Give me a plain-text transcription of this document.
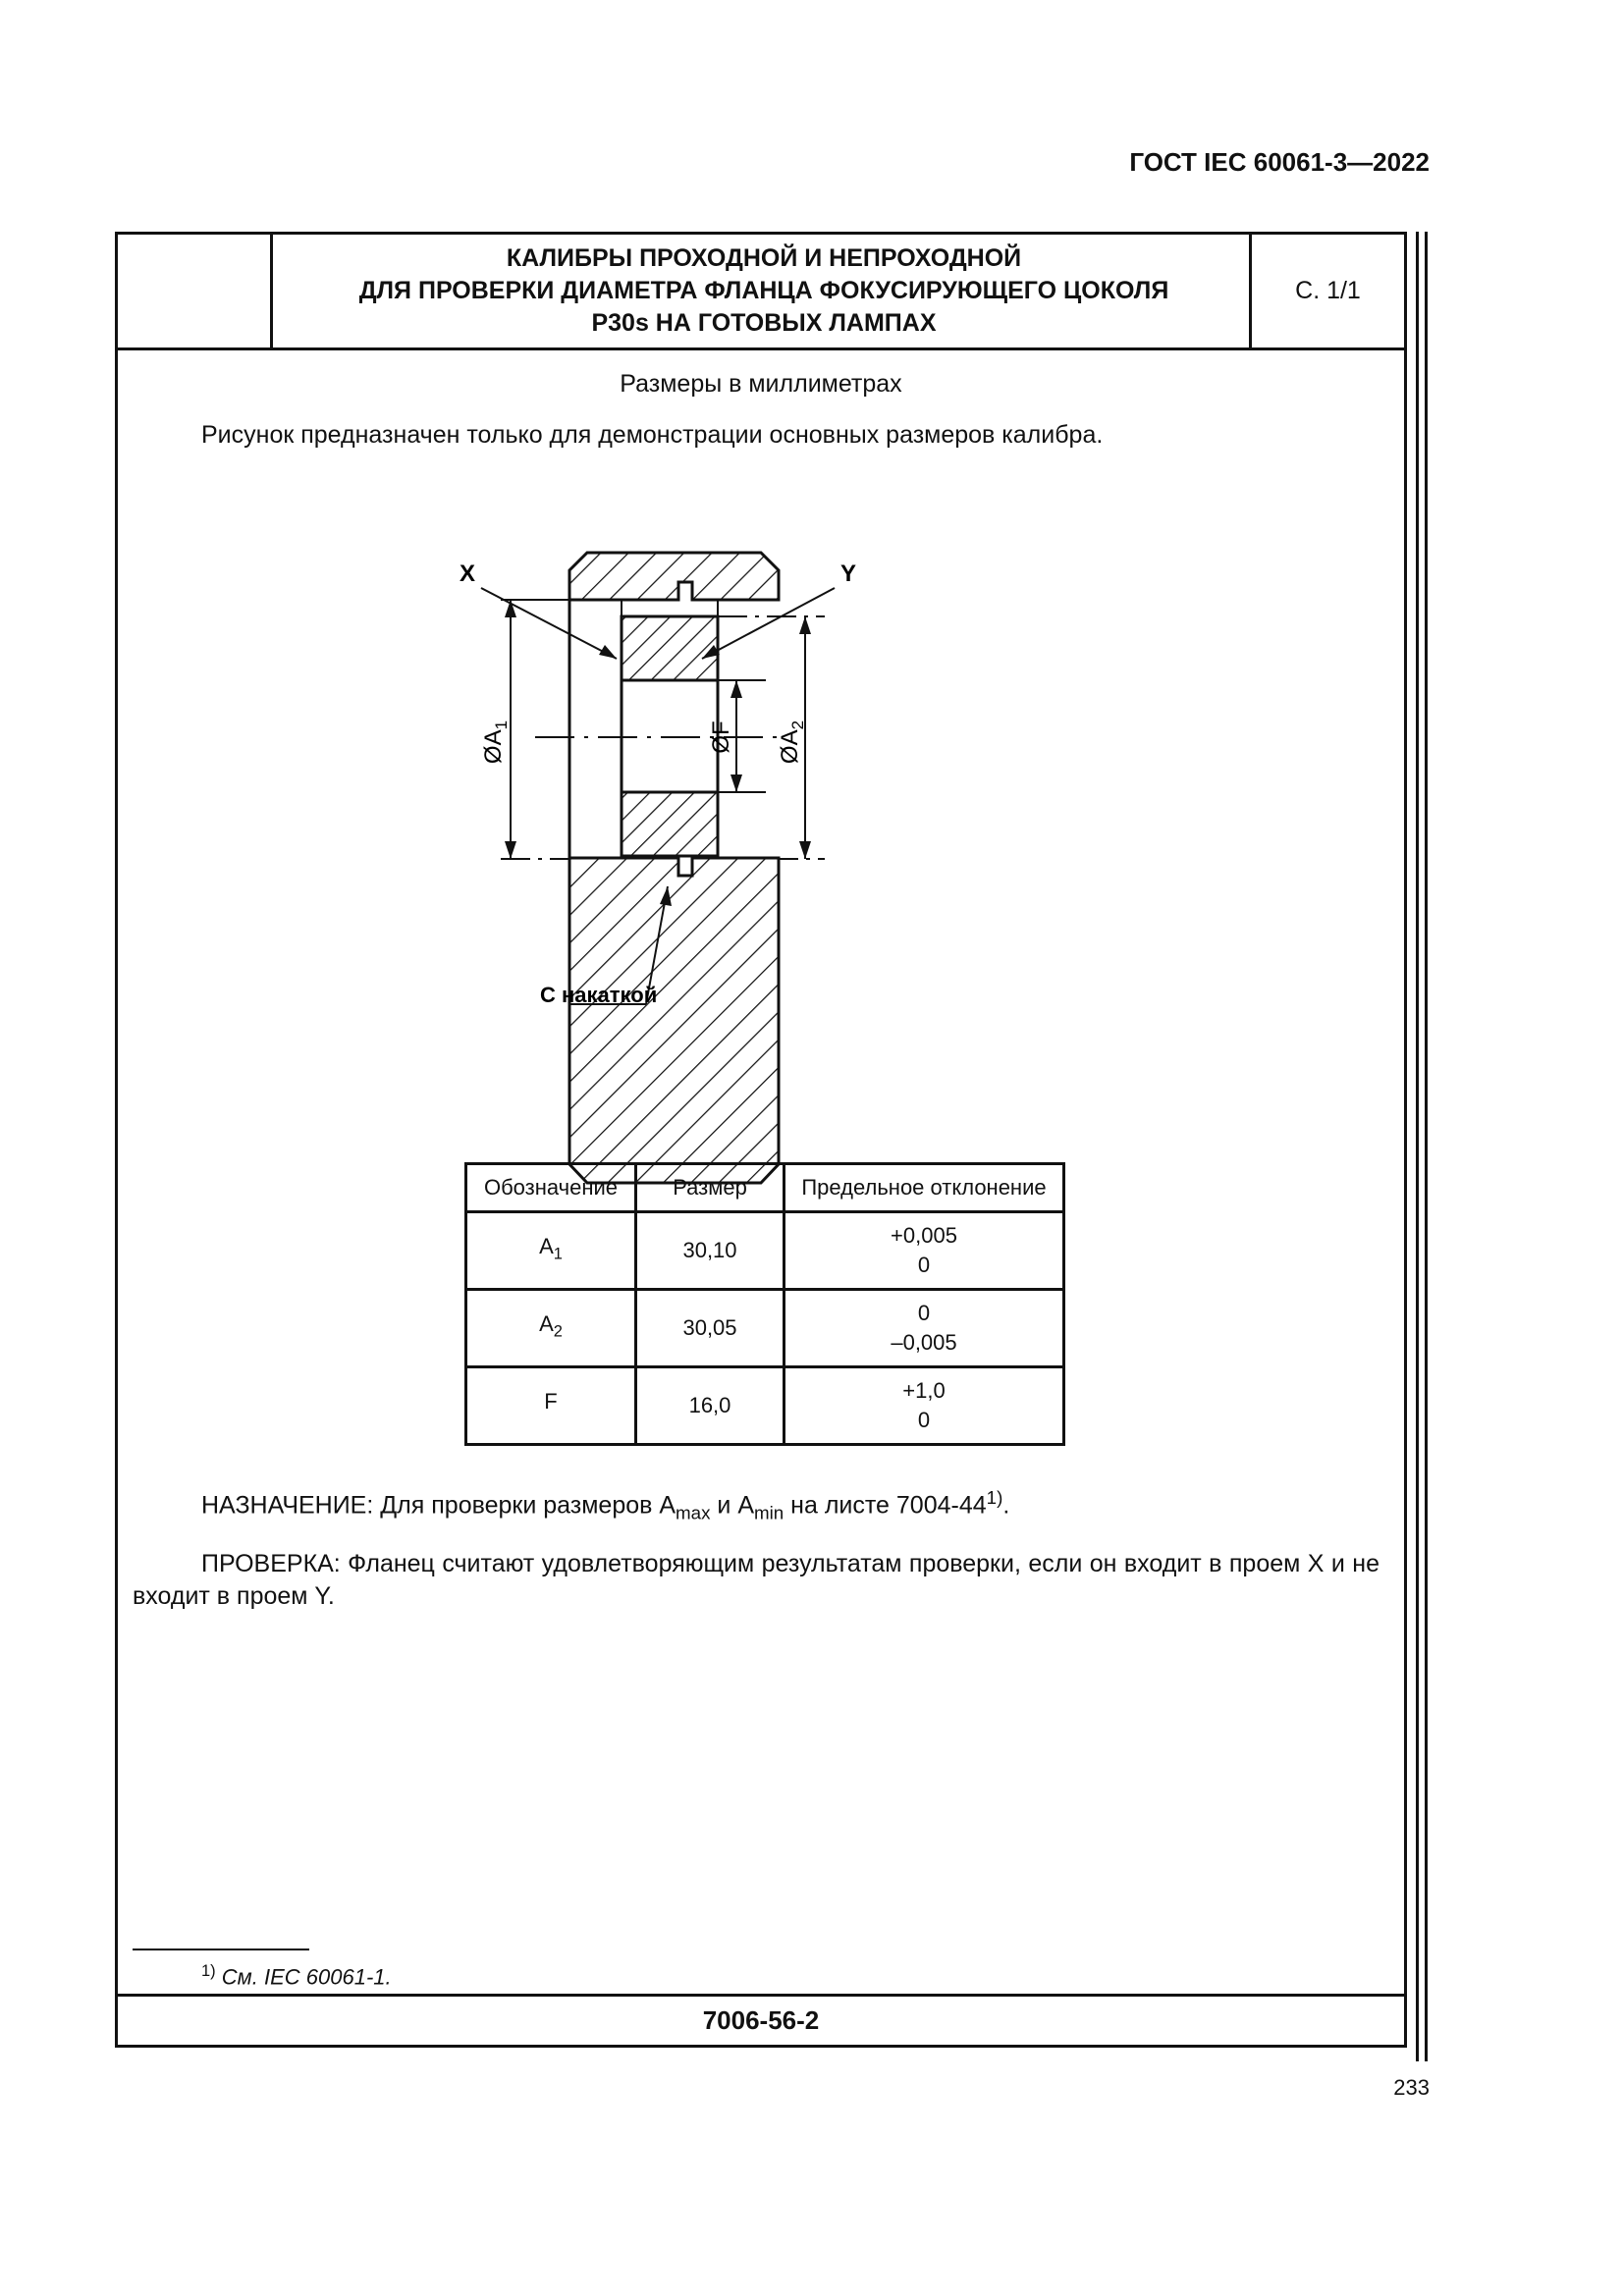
ГОСТ IEC 60061-3—2022
КАЛИБРЫ ПРОХОДНОЙ И НЕПРОХОДНОЙ
ДЛЯ ПРОВЕРКИ ДИАМЕТРА ФЛАНЦА ФОКУСИРУЮЩЕГО ЦОКОЛЯ
P30s НА ГОТОВЫХ ЛАМПАХ
С. 1/1
Размеры в миллиметрах
Рисунок предназначен только для демонстрации основных размеров калибра.
X	Y
$ØA_1$	ØF $ØA_2$
С накаткой
Обозначение	Размер	Предельное отклонение
$A_1$	30,10	+0,005
0

$A_2$	30,05	0
–0,005

F	16,0	+1,0
0
НАЗНАЧЕНИЕ: Для проверки размеров $A_{max}$ и $A_{min}$ на листе 7004-44$^{1)}$.
ПРОВЕРКА: Фланец считают удовлетворяющим результатам проверки, если он входит в проем X и не входит в проем Y.
$^{1)}$ См. IEC 60061-1.
7006-56-2
233
